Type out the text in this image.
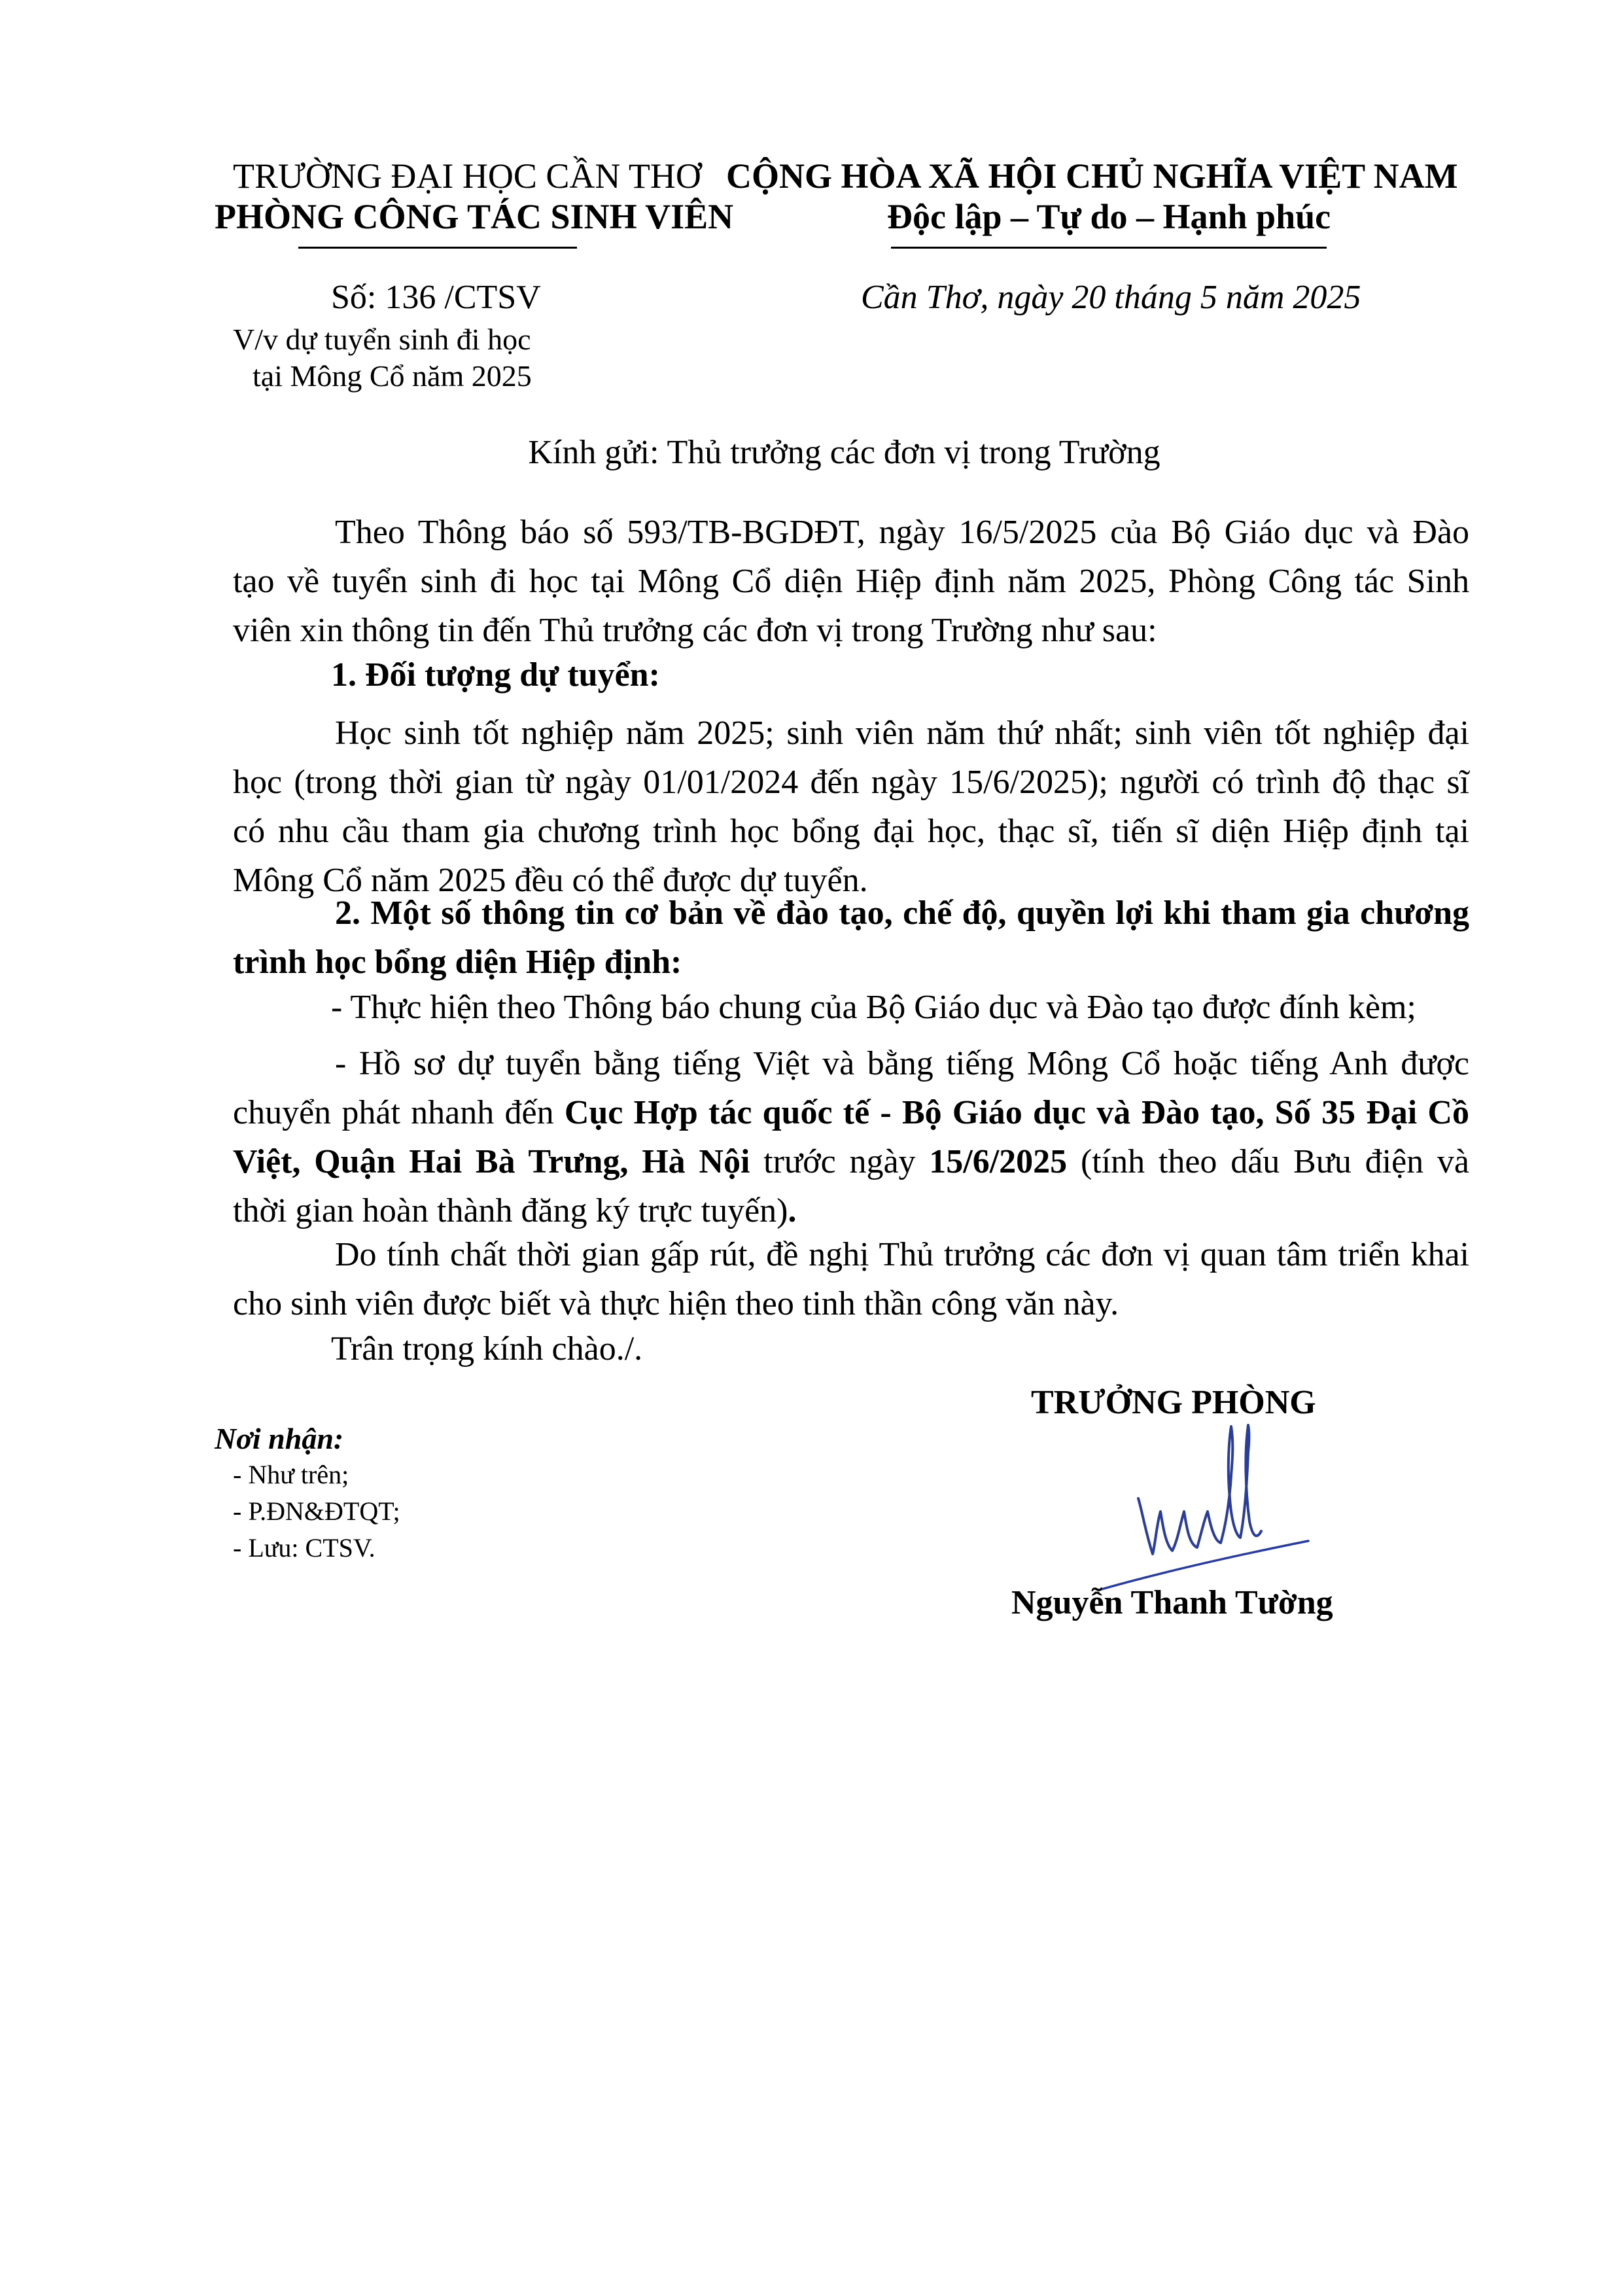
TRƯỜNG ĐẠI HỌC CẦN THƠ
PHÒNG CÔNG TÁC SINH VIÊN
CỘNG HÒA XÃ HỘI CHỦ NGHĨA VIỆT NAM
Độc lập – Tự do – Hạnh phúc
Số: 136 /CTSV	Cần Thơ, ngày 20 tháng 5 năm 2025
V/v dự tuyển sinh đi học
tại Mông Cổ năm 2025
Kính gửi: Thủ trưởng các đơn vị trong Trường
Theo Thông báo số 593/TB-BGDĐT, ngày 16/5/2025 của Bộ Giáo dục và Đào
tạo về tuyển sinh đi học tại Mông Cổ diện Hiệp định năm 2025, Phòng Công tác Sinh
viên xin thông tin đến Thủ trưởng các đơn vị trong Trường như sau:
1. Đối tượng dự tuyển:
Học sinh tốt nghiệp năm 2025; sinh viên năm thứ nhất; sinh viên tốt nghiệp đại
học (trong thời gian từ ngày 01/01/2024 đến ngày 15/6/2025); người có trình độ thạc sĩ
có nhu cầu tham gia chương trình học bổng đại học, thạc sĩ, tiến sĩ diện Hiệp định tại
Mông Cổ năm 2025 đều có thể được dự tuyển.
2. Một số thông tin cơ bản về đào tạo, chế độ, quyền lợi khi tham gia chương
trình học bổng diện Hiệp định:
- Thực hiện theo Thông báo chung của Bộ Giáo dục và Đào tạo được đính kèm;
- Hồ sơ dự tuyển bằng tiếng Việt và bằng tiếng Mông Cổ hoặc tiếng Anh được
chuyển phát nhanh đến Cục Hợp tác quốc tế - Bộ Giáo dục và Đào tạo, Số 35 Đại Cồ
Việt, Quận Hai Bà Trưng, Hà Nội trước ngày 15/6/2025 (tính theo dấu Bưu điện và
thời gian hoàn thành đăng ký trực tuyến).
Do tính chất thời gian gấp rút, đề nghị Thủ trưởng các đơn vị quan tâm triển khai
cho sinh viên được biết và thực hiện theo tinh thần công văn này.
Trân trọng kính chào./.
TRƯỞNG PHÒNG
Nguyễn Thanh Tường
Nơi nhận:
- Như trên;
- P.ĐN&ĐTQT;
- Lưu: CTSV.
